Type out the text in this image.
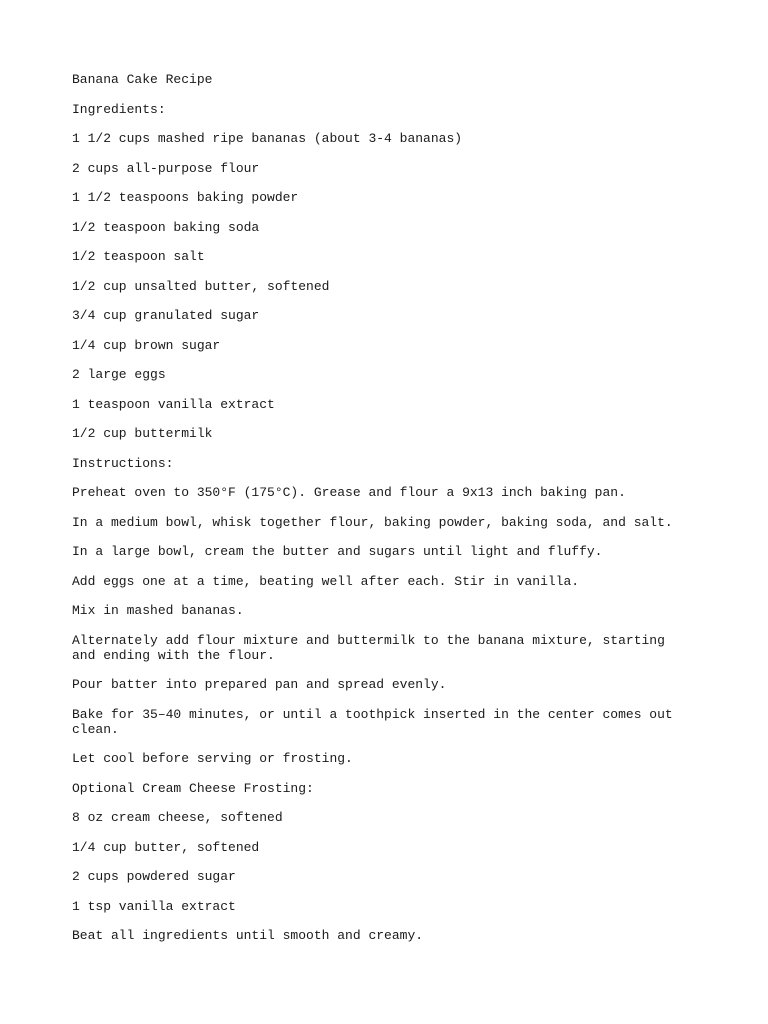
Banana Cake Recipe
Ingredients:
1 1/2 cups mashed ripe bananas (about 3-4 bananas)
2 cups all-purpose flour
1 1/2 teaspoons baking powder
1/2 teaspoon baking soda
1/2 teaspoon salt
1/2 cup unsalted butter, softened
3/4 cup granulated sugar
1/4 cup brown sugar
2 large eggs
1 teaspoon vanilla extract
1/2 cup buttermilk
Instructions:
Preheat oven to 350°F (175°C). Grease and flour a 9x13 inch baking pan.
In a medium bowl, whisk together flour, baking powder, baking soda, and salt.
In a large bowl, cream the butter and sugars until light and fluffy.
Add eggs one at a time, beating well after each. Stir in vanilla.
Mix in mashed bananas.
Alternately add flour mixture and buttermilk to the banana mixture, starting and ending with the flour.
Pour batter into prepared pan and spread evenly.
Bake for 35–40 minutes, or until a toothpick inserted in the center comes out clean.
Let cool before serving or frosting.
Optional Cream Cheese Frosting:
8 oz cream cheese, softened
1/4 cup butter, softened
2 cups powdered sugar
1 tsp vanilla extract
Beat all ingredients until smooth and creamy.
